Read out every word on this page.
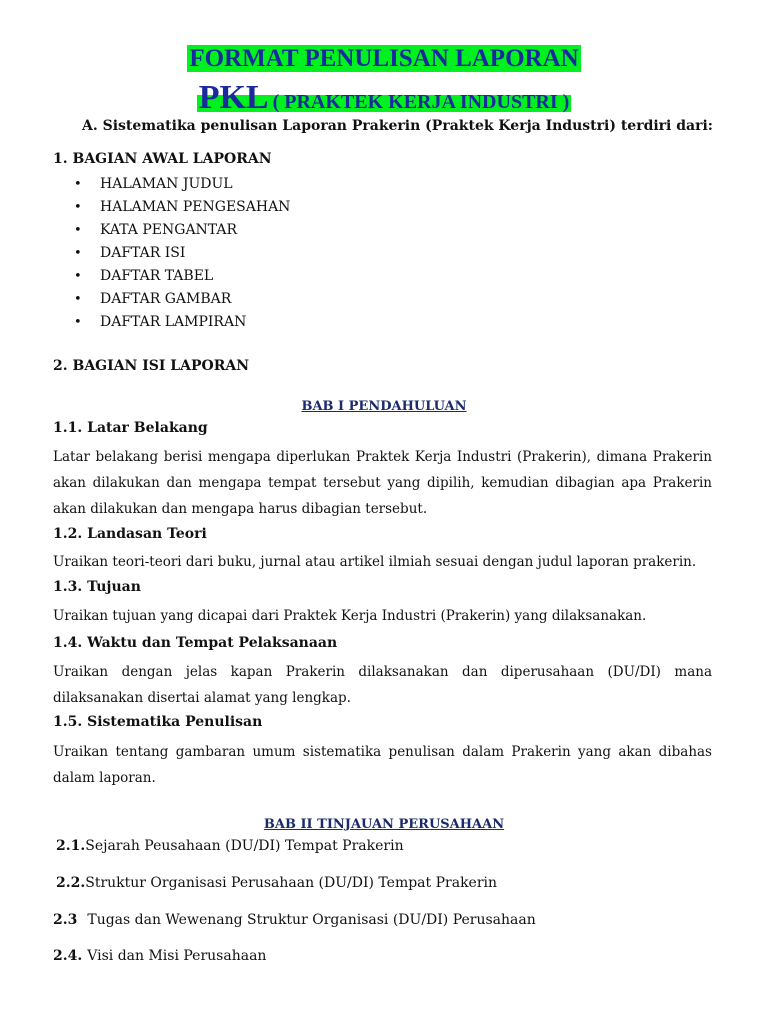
FORMAT PENULISAN LAPORAN
PKL ( PRAKTEK KERJA INDUSTRI )
A. Sistematika penulisan Laporan Prakerin (Praktek Kerja Industri) terdiri dari:
1. BAGIAN AWAL LAPORAN
•	HALAMAN JUDUL
•	HALAMAN PENGESAHAN
•	KATA PENGANTAR
•	DAFTAR ISI
•	DAFTAR TABEL
•	DAFTAR GAMBAR
•	DAFTAR LAMPIRAN
2. BAGIAN ISI LAPORAN
BAB I PENDAHULUAN
1.1. Latar Belakang
Latar belakang berisi mengapa diperlukan Praktek Kerja Industri (Prakerin), dimana Prakerin akan dilakukan dan mengapa tempat tersebut yang dipilih, kemudian dibagian apa Prakerin akan dilakukan dan mengapa harus dibagian tersebut.
1.2. Landasan Teori
Uraikan teori-teori dari buku, jurnal atau artikel ilmiah sesuai dengan judul laporan prakerin.
1.3. Tujuan
Uraikan tujuan yang dicapai dari Praktek Kerja Industri (Prakerin) yang dilaksanakan.
1.4. Waktu dan Tempat Pelaksanaan
Uraikan dengan jelas kapan Prakerin dilaksanakan dan diperusahaan (DU/DI) mana dilaksanakan disertai alamat yang lengkap.
1.5. Sistematika Penulisan
Uraikan tentang gambaran umum sistematika penulisan dalam Prakerin yang akan dibahas dalam laporan.
BAB II TINJAUAN PERUSAHAAN
2.1.Sejarah Peusahaan (DU/DI) Tempat Prakerin
2.2.Struktur Organisasi Perusahaan (DU/DI) Tempat Prakerin
2.3 Tugas dan Wewenang Struktur Organisasi (DU/DI) Perusahaan
2.4. Visi dan Misi Perusahaan
